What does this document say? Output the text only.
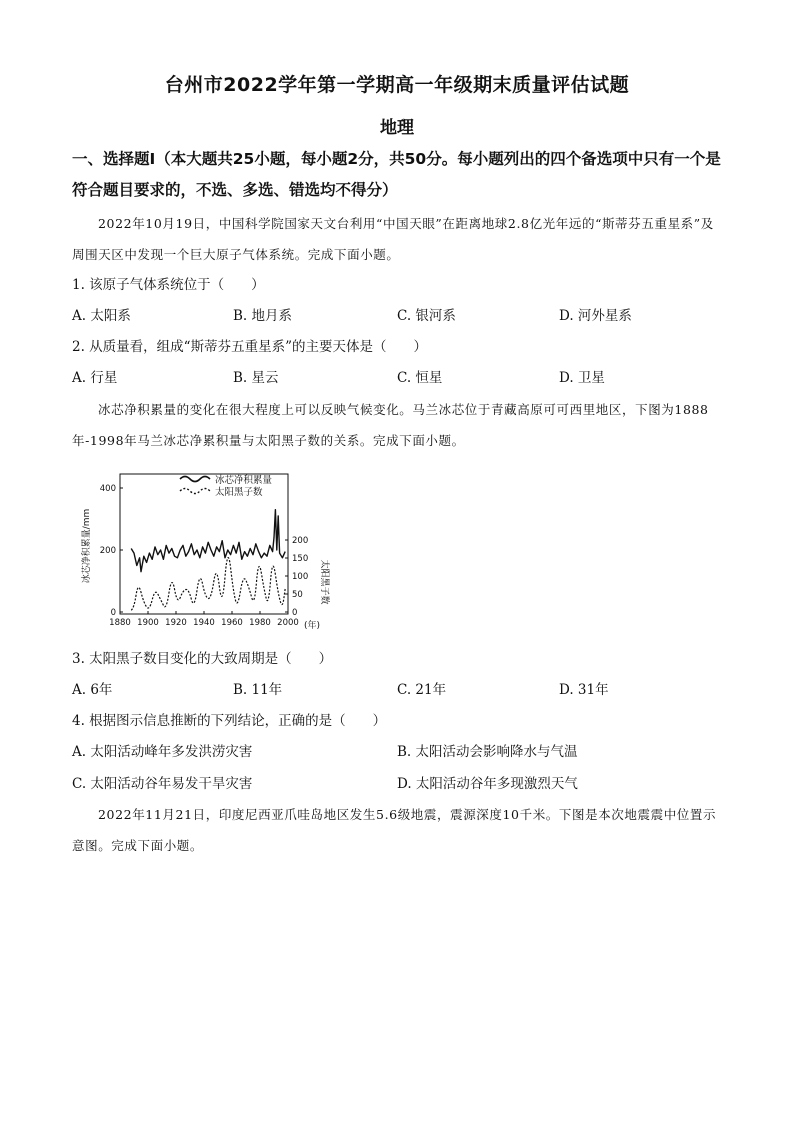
台州市2022学年第一学期高一年级期末质量评估试题
地理
一、选择题Ⅰ（本大题共25小题，每小题2分，共50分。每小题列出的四个备选项中只有一个是符合题目要求的，不选、多选、错选均不得分）
2022年10月19日，中国科学院国家天文台利用“中国天眼”在距离地球2.8亿光年远的“斯蒂芬五重星系”及周围天区中发现一个巨大原子气体系统。完成下面小题。
1. 该原子气体系统位于（　　）
A. 太阳系	B. 地月系	C. 银河系	D. 河外星系
2. 从质量看，组成“斯蒂芬五重星系”的主要天体是（　　）
A. 行星	B. 星云	C. 恒星	D. 卫星
冰芯净积累量的变化在很大程度上可以反映气候变化。马兰冰芯位于青藏高原可可西里地区，下图为1888年-1998年马兰冰芯净累积量与太阳黑子数的关系。完成下面小题。
冰芯净积累量
太阳黑子数
冰芯净积累量/mm	太阳黑子数
(年)
1880 1900 1920 1940 1960 1980 2000
0
200
400
0
50
100
150
200
3. 太阳黑子数目变化的大致周期是（　　）
A. 6年	B. 11年	C. 21年	D. 31年
4. 根据图示信息推断的下列结论，正确的是（　　）
A. 太阳活动峰年多发洪涝灾害	B. 太阳活动会影响降水与气温
C. 太阳活动谷年易发干旱灾害	D. 太阳活动谷年多现激烈天气
2022年11月21日，印度尼西亚爪哇岛地区发生5.6级地震，震源深度10千米。下图是本次地震震中位置示意图。完成下面小题。
